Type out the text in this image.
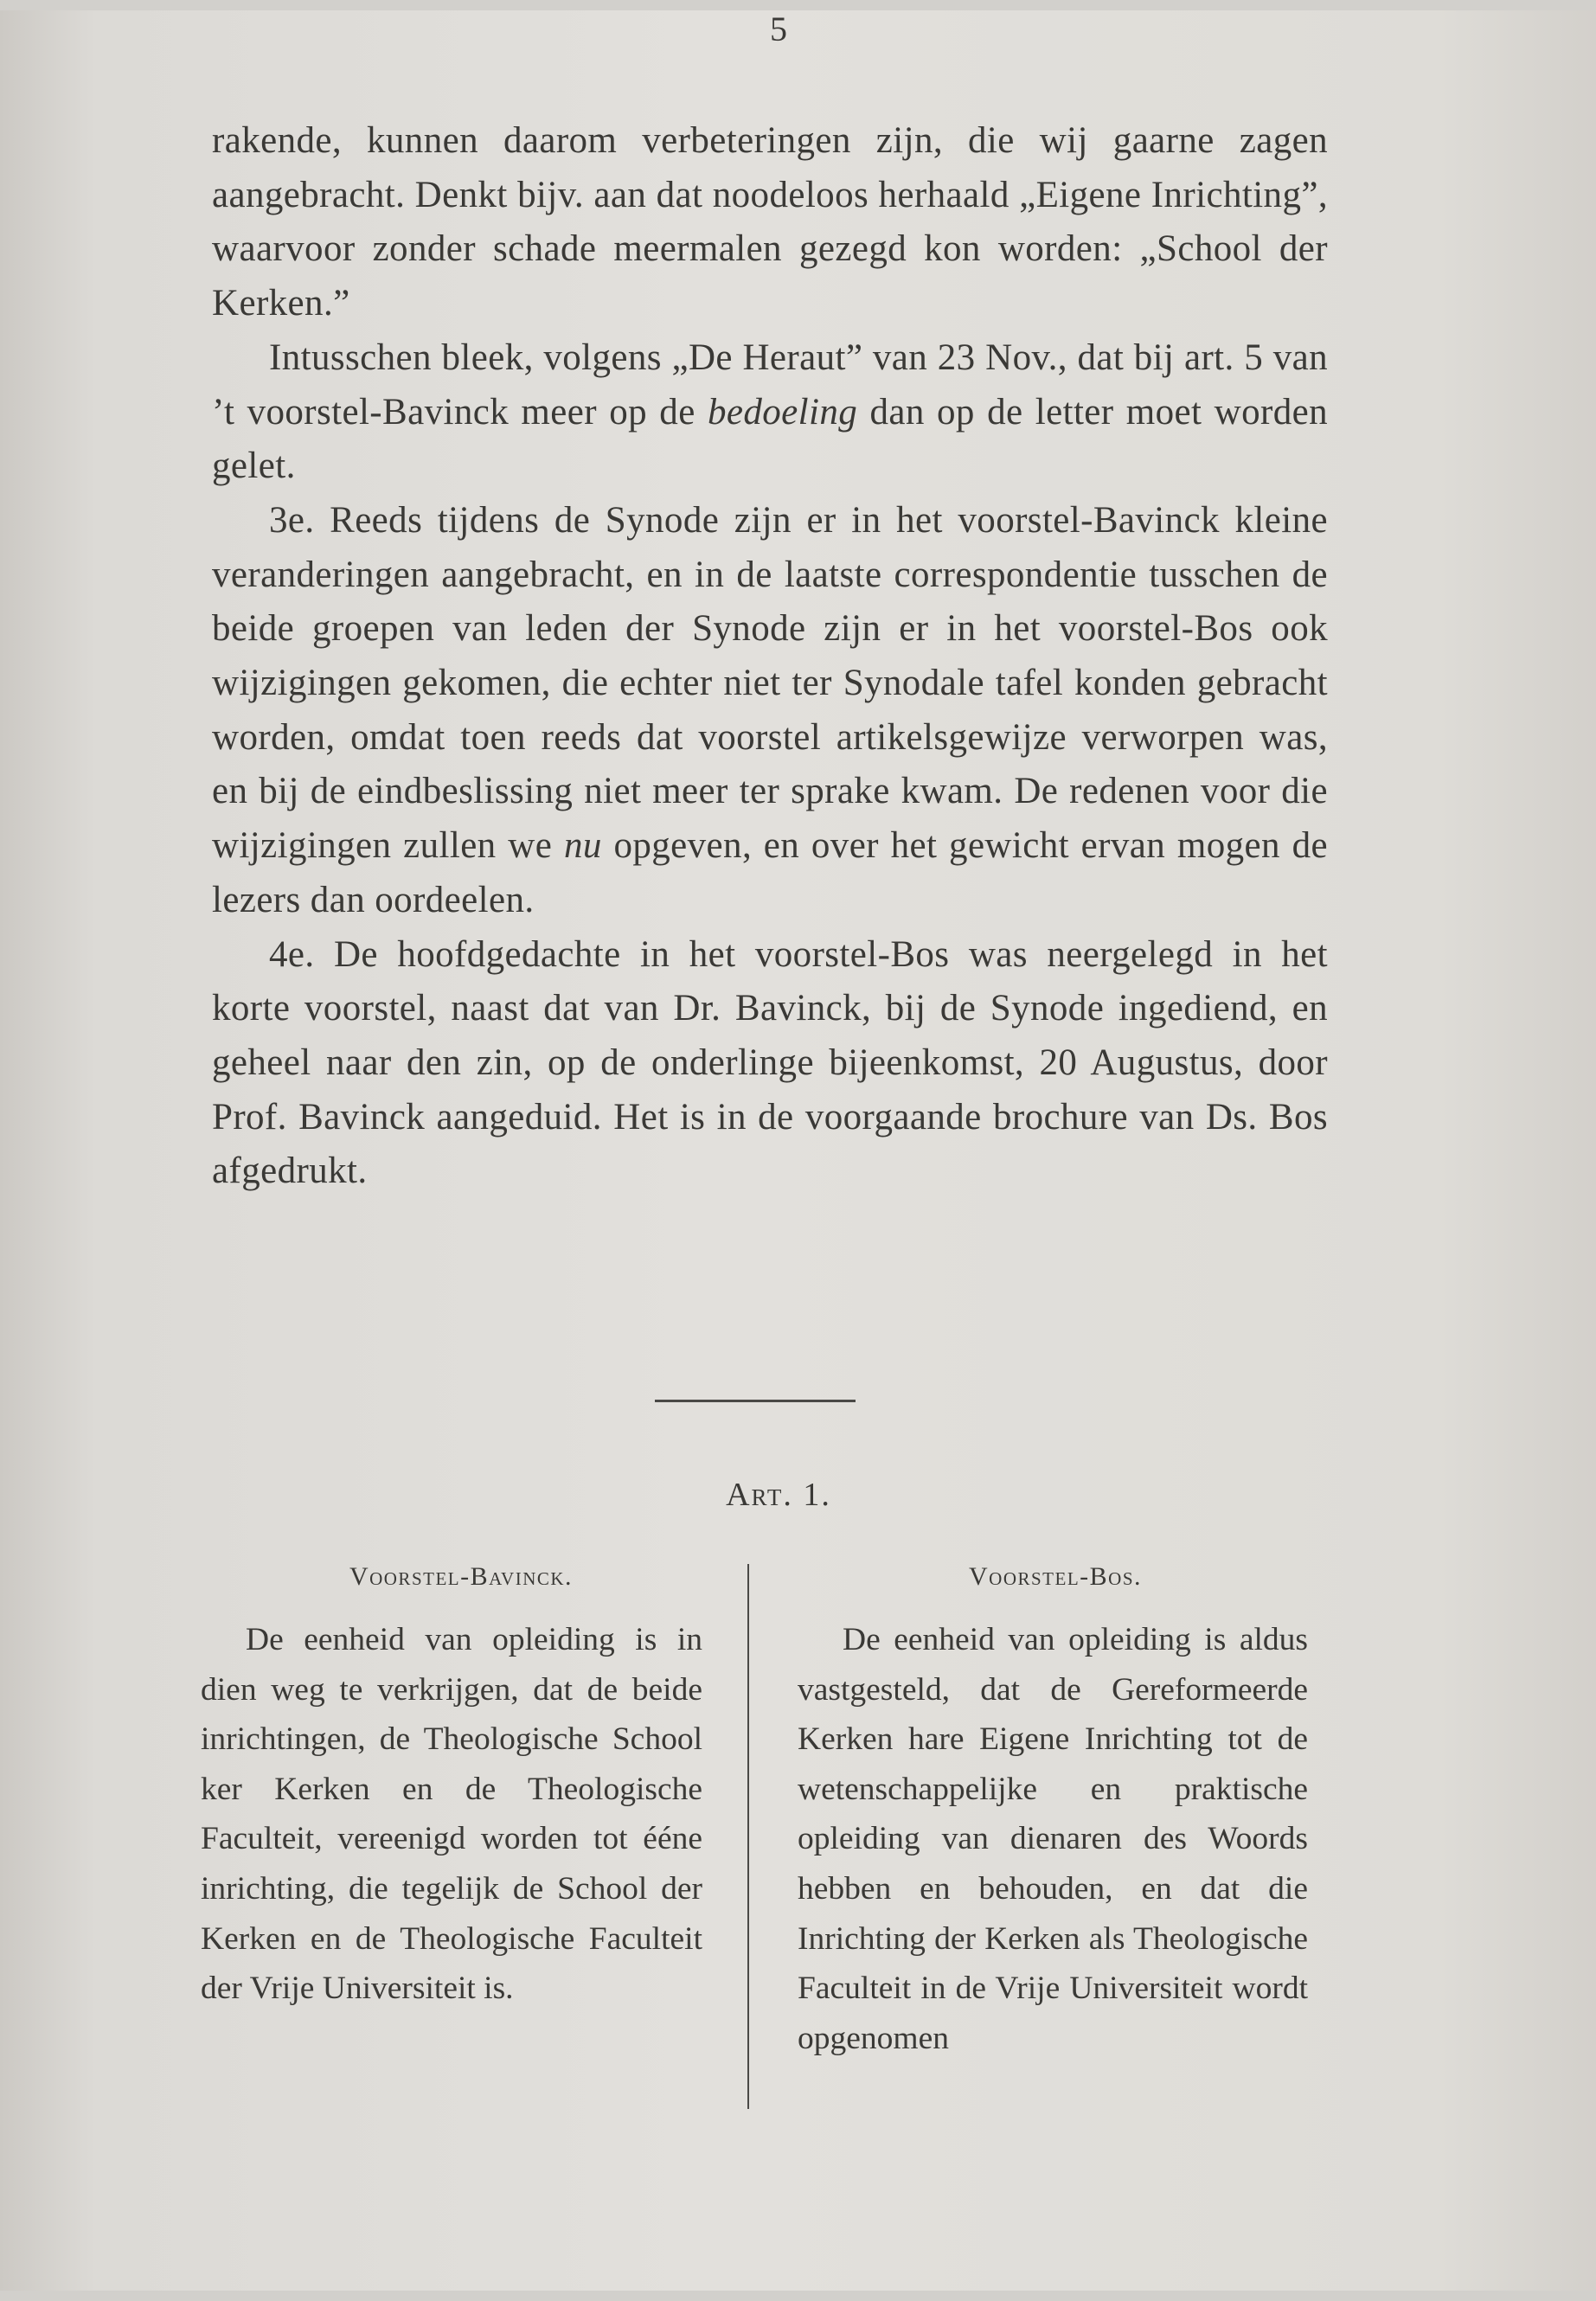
5

rakende, kunnen daarom verbeteringen zijn, die wij gaarne zagen aangebracht. Denkt bijv. aan dat noodeloos herhaald „Eigene Inrichting”, waarvoor zonder schade meermalen gezegd kon worden: „School der Kerken.”

Intusschen bleek, volgens „De Heraut” van 23 Nov., dat bij art. 5 van ’t voorstel-Bavinck meer op de bedoeling dan op de letter moet worden gelet.

3e. Reeds tijdens de Synode zijn er in het voorstel-Bavinck kleine veranderingen aangebracht, en in de laatste correspondentie tusschen de beide groepen van leden der Synode zijn er in het voorstel-Bos ook wijzigingen gekomen, die echter niet ter Synodale tafel konden gebracht worden, omdat toen reeds dat voorstel artikelsgewijze verworpen was, en bij de eindbeslissing niet meer ter sprake kwam. De redenen voor die wijzigingen zullen we nu opgeven, en over het gewicht ervan mogen de lezers dan oordeelen.

4e. De hoofdgedachte in het voorstel-Bos was neergelegd in het korte voorstel, naast dat van Dr. Bavinck, bij de Synode ingediend, en geheel naar den zin, op de onderlinge bijeenkomst, 20 Augustus, door Prof. Bavinck aangeduid. Het is in de voorgaande brochure van Ds. Bos afgedrukt.

Art. 1.
Voorstel-Bavinck.	Voorstel-Bos.

De eenheid van opleiding is in dien weg te verkrijgen, dat de beide inrichtingen, de Theologische School ker Kerken en de Theologische Faculteit, vereenigd worden tot ééne inrichting, die tegelijk de School der Kerken en de Theologische Faculteit der Vrije Universiteit is.

De eenheid van opleiding is aldus vastgesteld, dat de Gereformeerde Kerken hare Eigene Inrichting tot de wetenschappelijke en praktische opleiding van dienaren des Woords hebben en behouden, en dat die Inrichting der Kerken als Theologische Faculteit in de Vrije Universiteit wordt opgenomen
